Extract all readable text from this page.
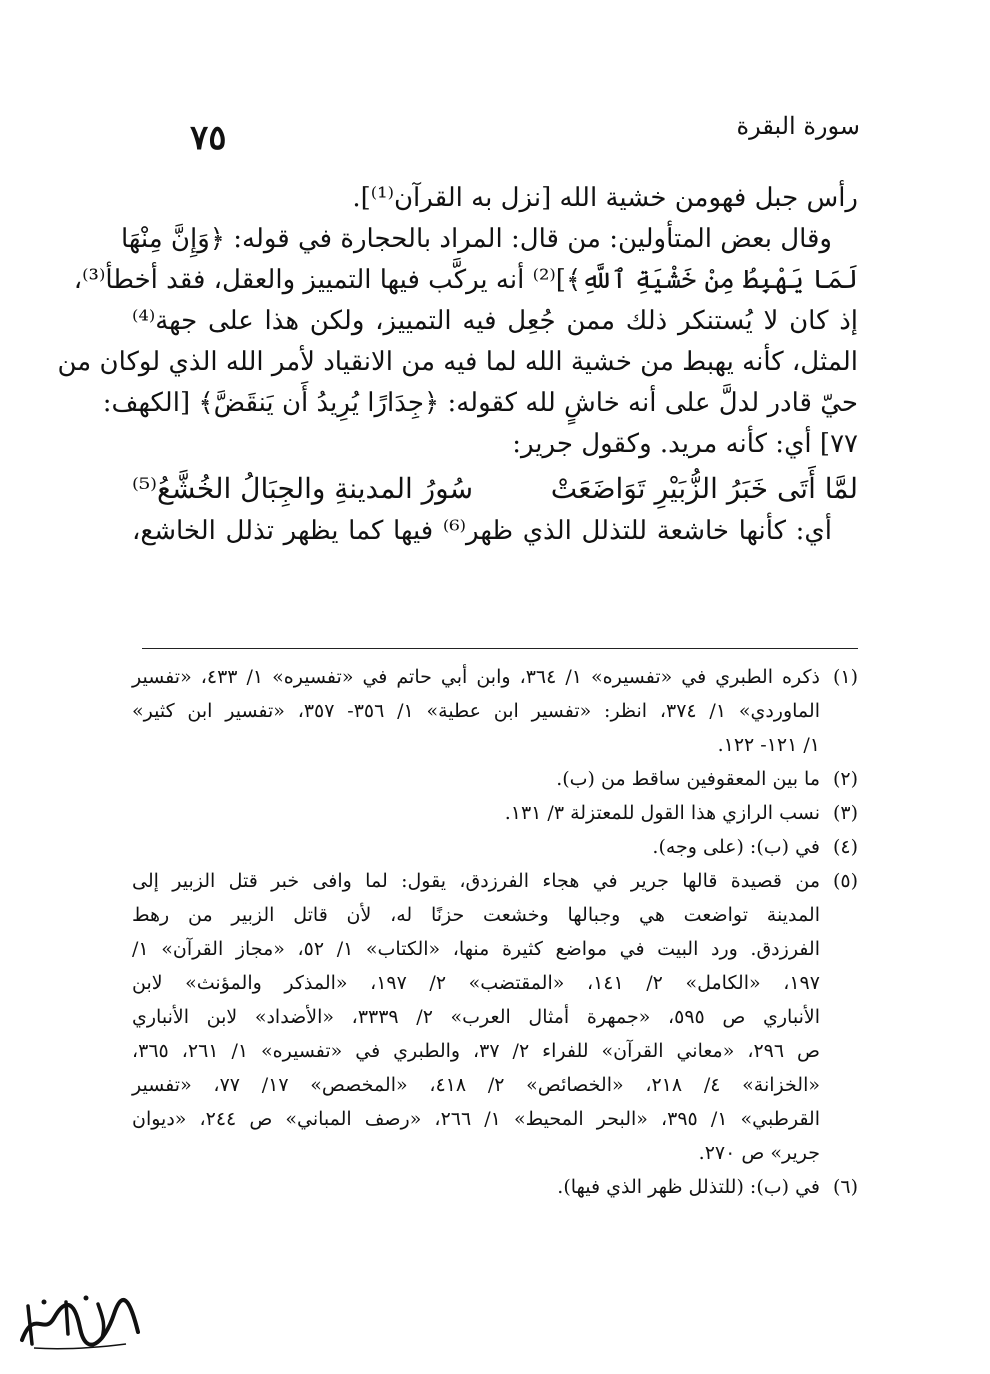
سورة البقرة
٧٥
رأس جبل فهومن خشية الله [نزل به القرآن⁽¹⁾].
وقال بعض المتأولين: من قال: المراد بالحجارة في قوله: ﴿وَإِنَّ مِنْهَا
لَمَا يَهْبِطُ مِنْ خَشْيَةِ ٱللَّهِ﴾]⁽²⁾ أنه يركَّب فيها التمييز والعقل، فقد أخطأ⁽³⁾،
إذ كان لا يُستنكر ذلك ممن جُعِل فيه التمييز، ولكن هذا على جهة⁽⁴⁾
المثل، كأنه يهبط من خشية الله لما فيه من الانقياد لأمر الله الذي لوكان من
حيّ قادر لدلَّ على أنه خاشٍ لله كقوله: ﴿جِدَارًا يُرِيدُ أَن يَنقَضَّ﴾ [الكهف:
٧٧] أي: كأنه مريد. وكقول جرير:
لمَّا أَتَى خَبَرُ الزُّبَيْرِ تَوَاضَعَتْ
سُورُ المدينةِ والجِبَالُ الخُشَّعُ⁽⁵⁾
أي: كأنها خاشعة للتذلل الذي ظهر⁽⁶⁾ فيها كما يظهر تذلل الخاشع،
(١)
ذكره الطبري في «تفسيره» ١/ ٣٦٤، وابن أبي حاتم في «تفسيره» ١/ ٤٣٣، «تفسير
الماوردي» ١/ ٣٧٤، انظر: «تفسير ابن عطية» ١/ ٣٥٦- ٣٥٧، «تفسير ابن كثير»
١/ ١٢١- ١٢٢.
(٢)
ما بين المعقوفين ساقط من (ب).
(٣)
نسب الرازي هذا القول للمعتزلة ٣/ ١٣١.
(٤)
في (ب): (على وجه).
(٥)
من قصيدة قالها جرير في هجاء الفرزدق، يقول: لما وافى خبر قتل الزبير إلى
المدينة تواضعت هي وجبالها وخشعت حزنًا له، لأن قاتل الزبير من رهط
الفرزدق. ورد البيت في مواضع كثيرة منها، «الكتاب» ١/ ٥٢، «مجاز القرآن» ١/
١٩٧، «الكامل» ٢/ ١٤١، «المقتضب» ٢/ ١٩٧، «المذكر والمؤنث» لابن
الأنباري ص ٥٩٥، «جمهرة أمثال العرب» ٢/ ٣٣٣٩، «الأضداد» لابن الأنباري
ص ٢٩٦، «معاني القرآن» للفراء ٢/ ٣٧، والطبري في «تفسيره» ١/ ٢٦١، ٣٦٥،
«الخزانة» ٤/ ٢١٨، «الخصائص» ٢/ ٤١٨، «المخصص» ١٧/ ٧٧، «تفسير
القرطبي» ١/ ٣٩٥، «البحر المحيط» ١/ ٢٦٦، «رصف المباني» ص ٢٤٤، «ديوان
جرير» ص ٢٧٠.
(٦)
في (ب): (للتذلل ظهر الذي فيها).
